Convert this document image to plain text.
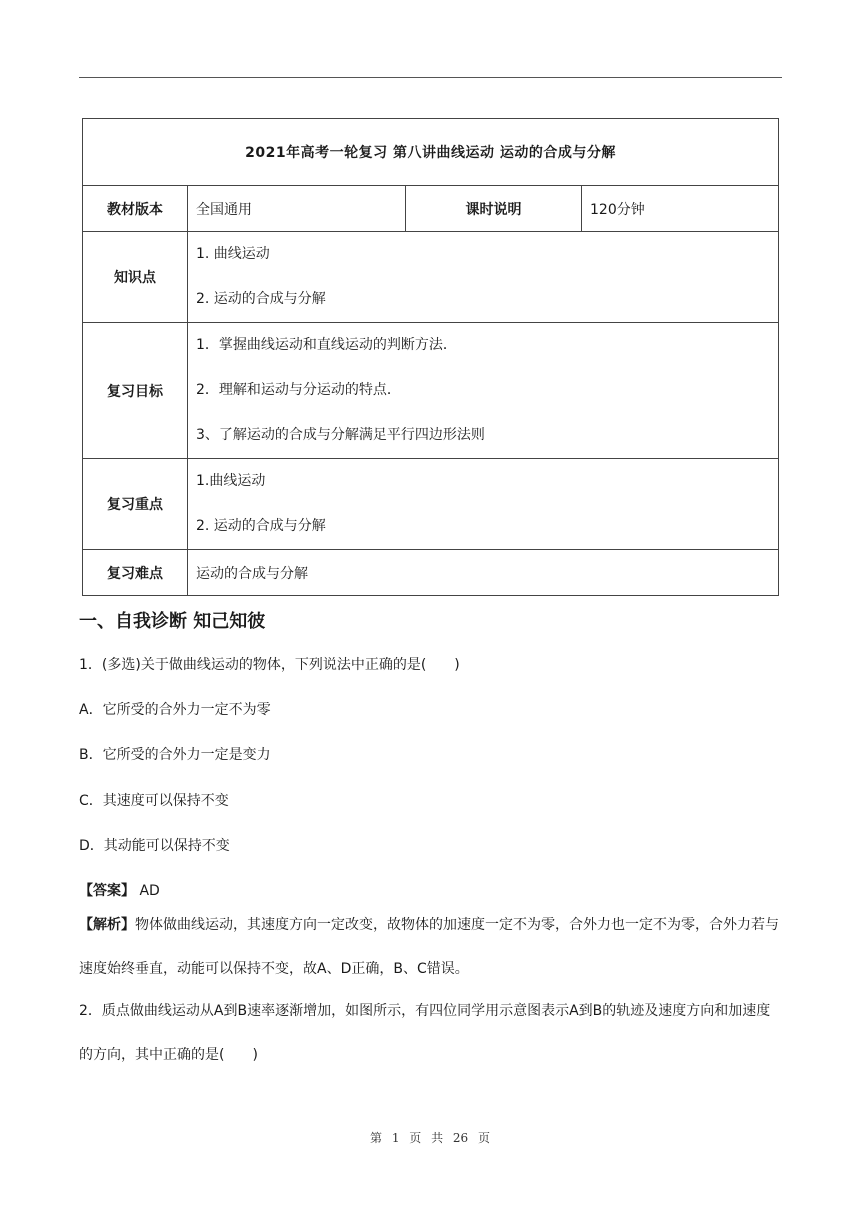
2021年高考一轮复习 第八讲曲线运动 运动的合成与分解			
教材版本	全国通用	课时说明	120分钟
知识点	1. 曲线运动
2. 运动的合成与分解		

复习目标	1．掌握曲线运动和直线运动的判断方法．
2．理解和运动与分运动的特点．
3、了解运动的合成与分解满足平行四边形法则		

复习重点	1.曲线运动
2. 运动的合成与分解		

复习难点	运动的合成与分解		
一、自我诊断 知己知彼
1．(多选)关于做曲线运动的物体，下列说法中正确的是(　　)
A．它所受的合外力一定不为零
B．它所受的合外力一定是变力
C．其速度可以保持不变
D．其动能可以保持不变
【答案】 AD
【解析】物体做曲线运动，其速度方向一定改变，故物体的加速度一定不为零，合外力也一定不为零，合外力若与速度始终垂直，动能可以保持不变，故A、D正确，B、C错误。
2．质点做曲线运动从A到B速率逐渐增加，如图所示，有四位同学用示意图表示A到B的轨迹及速度方向和加速度的方向，其中正确的是(　　)
第 1 页 共 26 页
